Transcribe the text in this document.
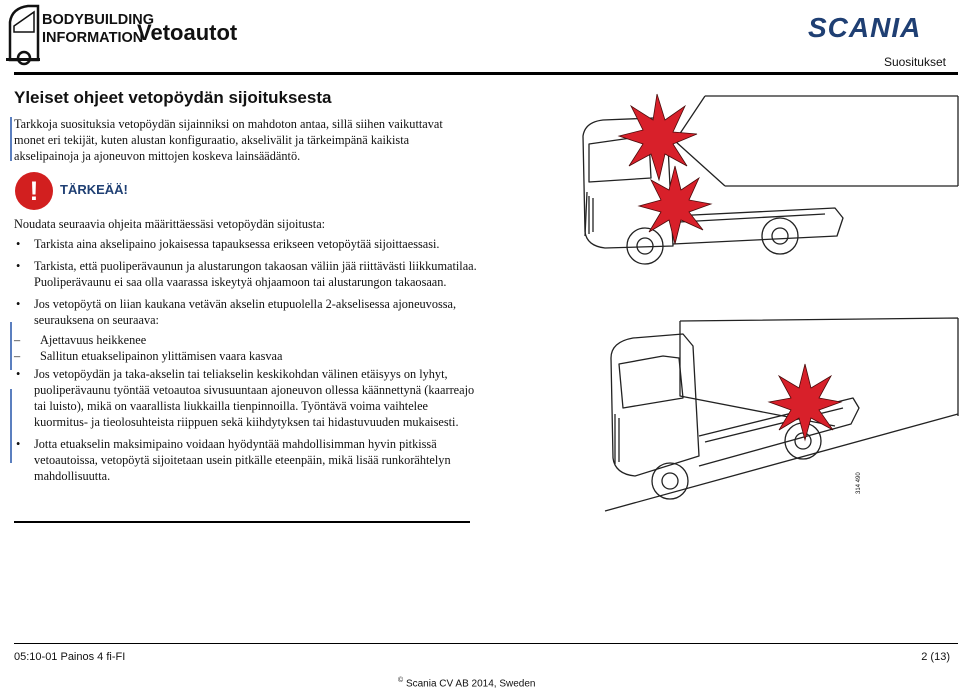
BODYBUILDING
INFORMATION
Vetoautot	SCANIA
Suositukset
Yleiset ohjeet vetopöydän sijoituksesta

Tarkkoja suosituksia vetopöydän sijainniksi on mahdoton antaa, sillä siihen vaikuttavat monet eri tekijät, kuten alustan konfiguraatio, akselivälit ja tärkeimpänä kaikista akselipainoja ja ajoneuvon mittojen koskeva lainsäädäntö.

!	TÄRKEÄÄ!

Noudata seuraavia ohjeita määrittäessäsi vetopöydän sijoitusta:

• Tarkista aina akselipaino jokaisessa tapauksessa erikseen vetopöytää sijoittaessasi.
• Tarkista, että puoliperävaunun ja alustarungon takaosan väliin jää riittävästi liikkumatilaa. Puoliperävaunu ei saa olla vaarassa iskeytyä ohjaamoon tai alustarungon takaosaan.
• Jos vetopöytä on liian kaukana vetävän akselin etupuolella 2-akselisessa ajoneuvossa, seurauksena on seuraava:
– Ajettavuus heikkenee
– Sallitun etuakselipainon ylittämisen vaara kasvaa
• Jos vetopöydän ja taka-akselin tai teliakselin keskikohdan välinen etäisyys on lyhyt, puoliperävaunu työntää vetoautoa sivusuuntaan ajoneuvon ollessa käännettynä (kaarreajo tai luisto), mikä on vaarallista liukkailla tienpinnoilla. Työntävä voima vaihtelee kuormitus- ja tieolosuhteista riippuen sekä kiihdytyksen tai hidastuvuuden mukaisesti.
• Jotta etuakselin maksimipaino voidaan hyödyntää mahdollisimman hyvin pitkissä vetoautoissa, vetopöytä sijoitetaan usein pitkälle eteenpäin, mikä lisää runkorähtelyn mahdollisuutta.	314 490
05:10-01 Painos 4 fi-FI	2 (13)
© Scania CV AB 2014, Sweden
